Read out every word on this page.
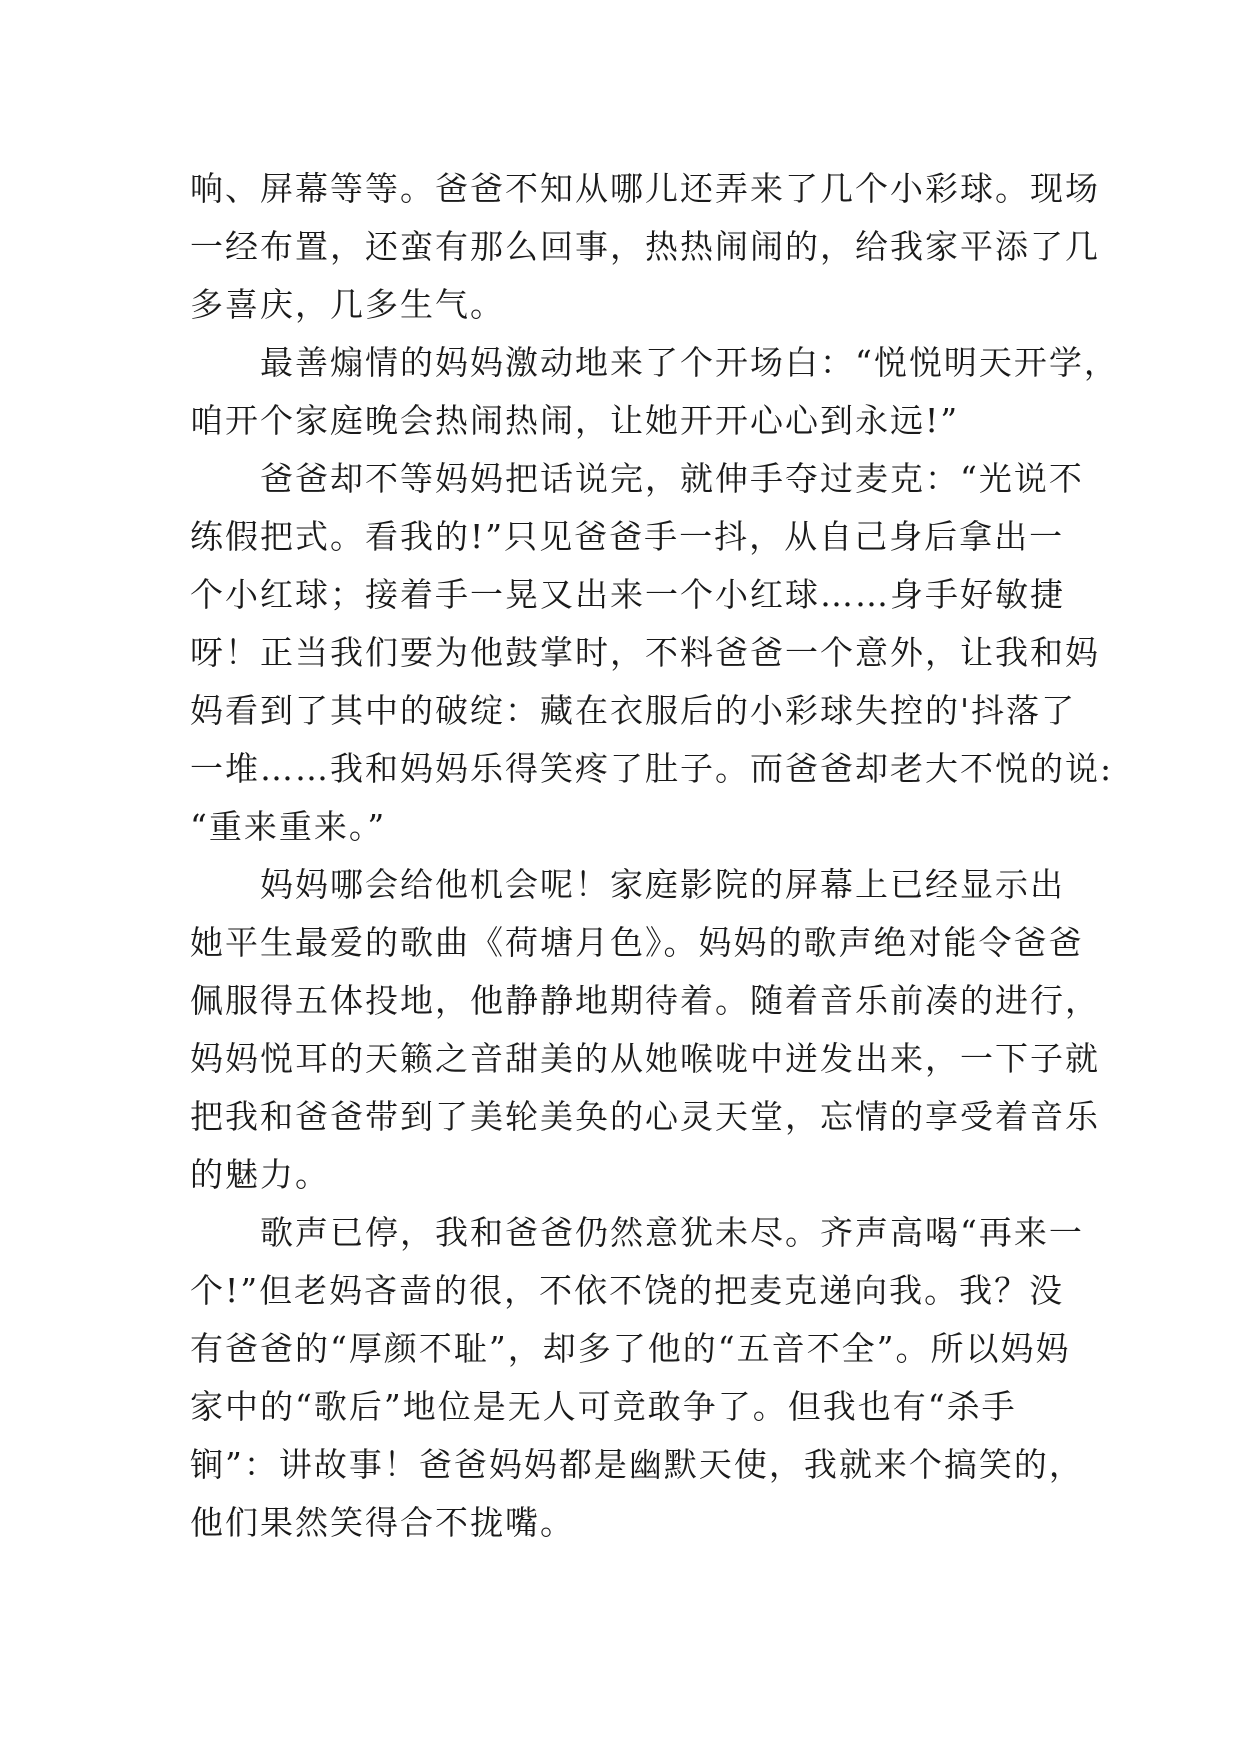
响、屏幕等等。爸爸不知从哪儿还弄来了几个小彩球。现场
一经布置，还蛮有那么回事，热热闹闹的，给我家平添了几
多喜庆，几多生气。
最善煽情的妈妈激动地来了个开场白：“悦悦明天开学，
咱开个家庭晚会热闹热闹，让她开开心心到永远!”
爸爸却不等妈妈把话说完，就伸手夺过麦克：“光说不
练假把式。看我的!”只见爸爸手一抖，从自己身后拿出一
个小红球；接着手一晃又出来一个小红球……身手好敏捷
呀！正当我们要为他鼓掌时，不料爸爸一个意外，让我和妈
妈看到了其中的破绽：藏在衣服后的小彩球失控的'抖落了
一堆……我和妈妈乐得笑疼了肚子。而爸爸却老大不悦的说:
“重来重来。”
妈妈哪会给他机会呢！家庭影院的屏幕上已经显示出
她平生最爱的歌曲《荷塘月色》。妈妈的歌声绝对能令爸爸
佩服得五体投地，他静静地期待着。随着音乐前凑的进行，
妈妈悦耳的天籁之音甜美的从她喉咙中迸发出来，一下子就
把我和爸爸带到了美轮美奂的心灵天堂，忘情的享受着音乐
的魅力。
歌声已停，我和爸爸仍然意犹未尽。齐声高喝“再来一
个!”但老妈吝啬的很，不依不饶的把麦克递向我。我？没
有爸爸的“厚颜不耻”，却多了他的“五音不全”。所以妈妈
家中的“歌后”地位是无人可竞敢争了。但我也有“杀手
锏”：讲故事！爸爸妈妈都是幽默天使，我就来个搞笑的，
他们果然笑得合不拢嘴。
